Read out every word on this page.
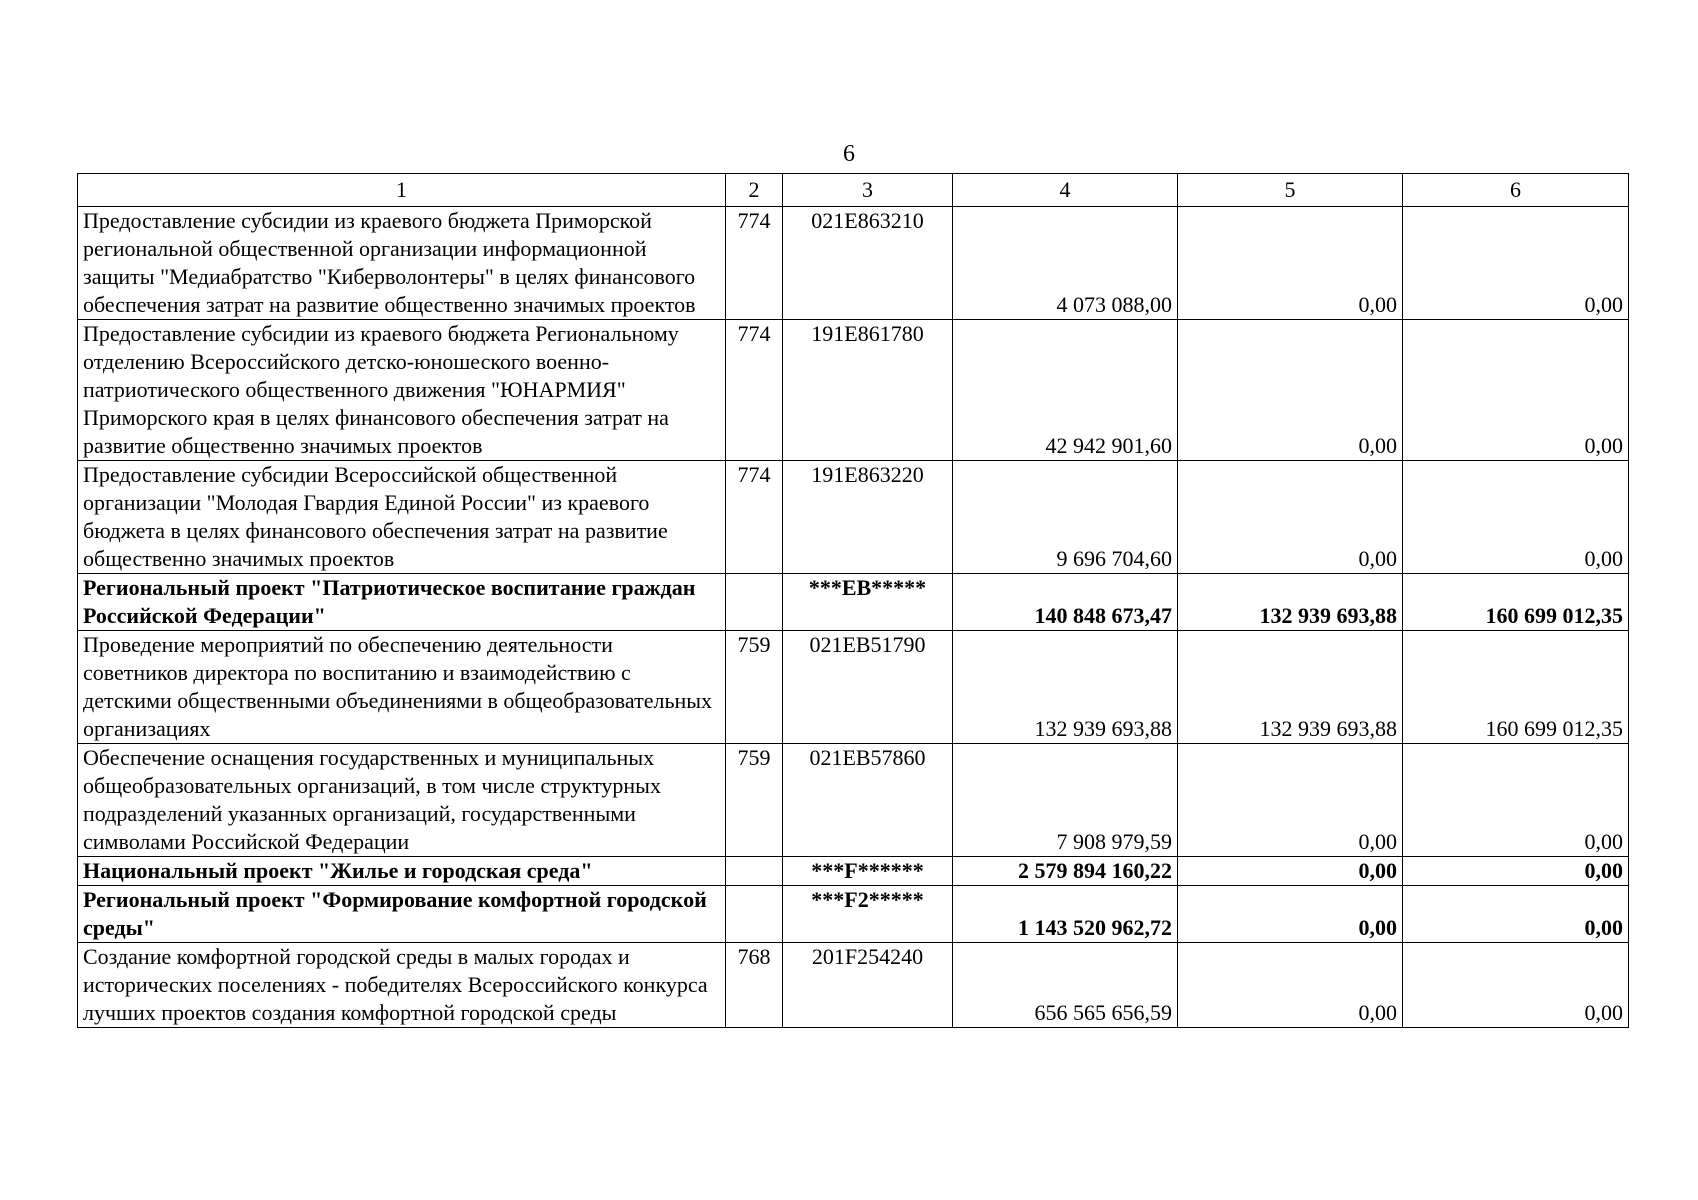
6
1	2	3	4	5	6
Предоставление субсидии из краевого бюджета Приморской региональной общественной организации информационной защиты "Медиабратство "Киберволонтеры" в целях финансового обеспечения затрат на развитие общественно значимых проектов	774	021E863210	4 073 088,00	0,00	0,00
Предоставление субсидии из краевого бюджета Региональному отделению Всероссийского детско-юношеского военно-патриотического общественного движения "ЮНАРМИЯ" Приморского края в целях финансового обеспечения затрат на развитие общественно значимых проектов	774	191E861780	42 942 901,60	0,00	0,00
Предоставление субсидии Всероссийской общественной организации "Молодая Гвардия Единой России" из краевого бюджета в целях финансового обеспечения затрат на развитие общественно значимых проектов	774	191E863220	9 696 704,60	0,00	0,00
Региональный проект "Патриотическое воспитание граждан Российской Федерации"		***EB*****	140 848 673,47	132 939 693,88	160 699 012,35
Проведение мероприятий по обеспечению деятельности советников директора по воспитанию и взаимодействию с детскими общественными объединениями в общеобразовательных организациях	759	021EB51790	132 939 693,88	132 939 693,88	160 699 012,35
Обеспечение оснащения государственных и муниципальных общеобразовательных организаций, в том числе структурных подразделений указанных организаций, государственными символами Российской Федерации	759	021EB57860	7 908 979,59	0,00	0,00
Национальный проект "Жилье и городская среда"		***F******	2 579 894 160,22	0,00	0,00
Региональный проект "Формирование комфортной городской среды"		***F2*****	1 143 520 962,72	0,00	0,00
Создание комфортной городской среды в малых городах и исторических поселениях - победителях Всероссийского конкурса лучших проектов создания комфортной городской среды	768	201F254240	656 565 656,59	0,00	0,00
